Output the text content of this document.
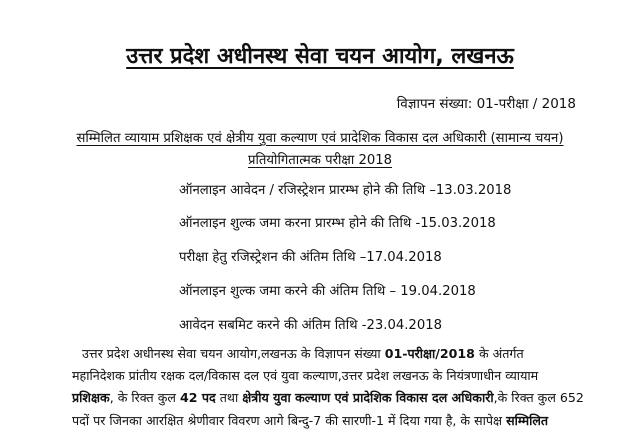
उत्तर प्रदेश अधीनस्थ सेवा चयन आयोग, लखनऊ
विज्ञापन संख्या: 01-परीक्षा / 2018
सम्मिलित व्यायाम प्रशिक्षक एवं क्षेत्रीय युवा कल्याण एवं प्रादेशिक विकास दल अधिकारी (सामान्य चयन)
प्रतियोगितात्मक परीक्षा 2018
ऑनलाइन आवेदन / रजिस्ट्रेशन प्रारम्भ होने की तिथि –13.03.2018
ऑनलाइन शुल्क जमा करना प्रारम्भ होने की तिथि -15.03.2018
परीक्षा हेतु रजिस्ट्रेशन की अंतिम तिथि –17.04.2018
ऑनलाइन शुल्क जमा करने की अंतिम तिथि – 19.04.2018
आवेदन सबमिट करने की अंतिम तिथि -23.04.2018
उत्तर प्रदेश अधीनस्थ सेवा चयन आयोग,लखनऊ के विज्ञापन संख्या 01-परीक्षा/2018 के अंतर्गत
महानिदेशक प्रांतीय रक्षक दल/विकास दल एवं युवा कल्याण,उत्तर प्रदेश लखनऊ के नियंत्रणाधीन व्यायाम
प्रशिक्षक, के रिक्त कुल 42 पद तथा क्षेत्रीय युवा कल्याण एवं प्रादेशिक विकास दल अधिकारी,के रिक्त कुल 652
पदों पर जिनका आरक्षित श्रेणीवार विवरण आगे बिन्दु-7 की सारणी-1 में दिया गया है, के सापेक्ष सम्मिलित
